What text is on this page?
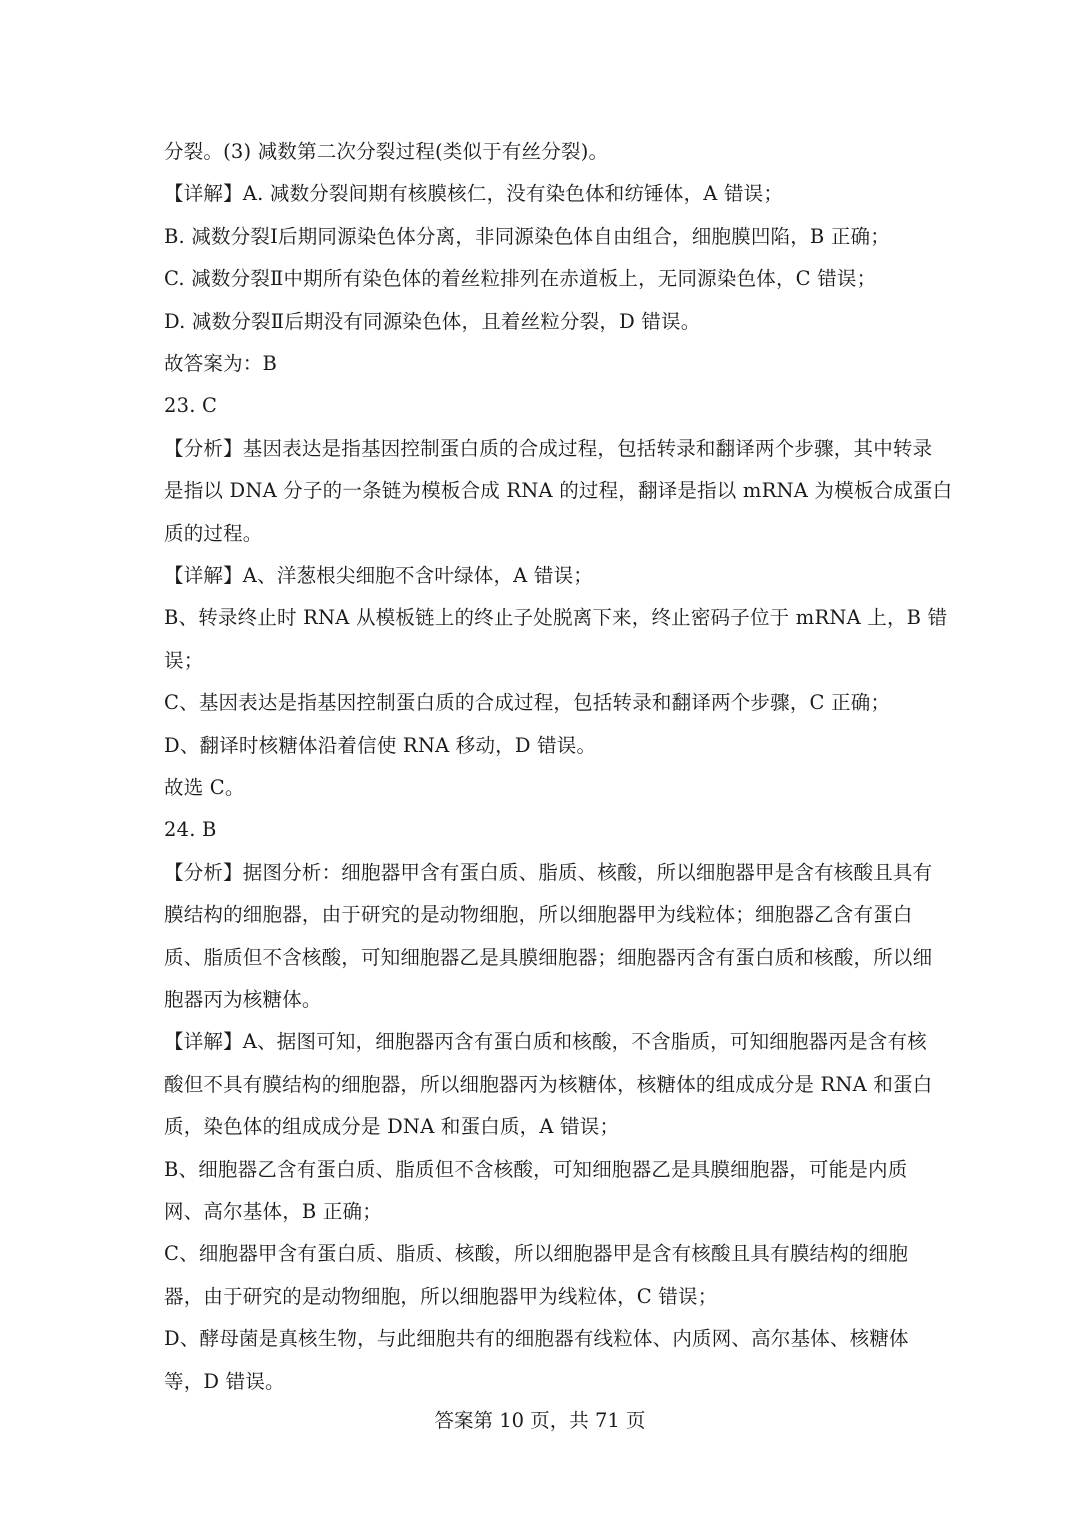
分裂。(3) 减数第二次分裂过程(类似于有丝分裂)。
【详解】A. 减数分裂间期有核膜核仁，没有染色体和纺锤体，A 错误；
B. 减数分裂Ⅰ后期同源染色体分离，非同源染色体自由组合，细胞膜凹陷，B 正确；
C. 减数分裂Ⅱ中期所有染色体的着丝粒排列在赤道板上，无同源染色体，C 错误；
D. 减数分裂Ⅱ后期没有同源染色体，且着丝粒分裂，D 错误。
故答案为：B
23. C
【分析】基因表达是指基因控制蛋白质的合成过程，包括转录和翻译两个步骤，其中转录
是指以 DNA 分子的一条链为模板合成 RNA 的过程，翻译是指以 mRNA 为模板合成蛋白
质的过程。
【详解】A、洋葱根尖细胞不含叶绿体，A 错误；
B、转录终止时 RNA 从模板链上的终止子处脱离下来，终止密码子位于 mRNA 上，B 错
误；
C、基因表达是指基因控制蛋白质的合成过程，包括转录和翻译两个步骤，C 正确；
D、翻译时核糖体沿着信使 RNA 移动，D 错误。
故选 C。
24. B
【分析】据图分析：细胞器甲含有蛋白质、脂质、核酸，所以细胞器甲是含有核酸且具有
膜结构的细胞器，由于研究的是动物细胞，所以细胞器甲为线粒体；细胞器乙含有蛋白
质、脂质但不含核酸，可知细胞器乙是具膜细胞器；细胞器丙含有蛋白质和核酸，所以细
胞器丙为核糖体。
【详解】A、据图可知，细胞器丙含有蛋白质和核酸，不含脂质，可知细胞器丙是含有核
酸但不具有膜结构的细胞器，所以细胞器丙为核糖体，核糖体的组成成分是 RNA 和蛋白
质，染色体的组成成分是 DNA 和蛋白质，A 错误；
B、细胞器乙含有蛋白质、脂质但不含核酸，可知细胞器乙是具膜细胞器，可能是内质
网、高尔基体，B 正确；
C、细胞器甲含有蛋白质、脂质、核酸，所以细胞器甲是含有核酸且具有膜结构的细胞
器，由于研究的是动物细胞，所以细胞器甲为线粒体，C 错误；
D、酵母菌是真核生物，与此细胞共有的细胞器有线粒体、内质网、高尔基体、核糖体
等，D 错误。
答案第 10 页，共 71 页
